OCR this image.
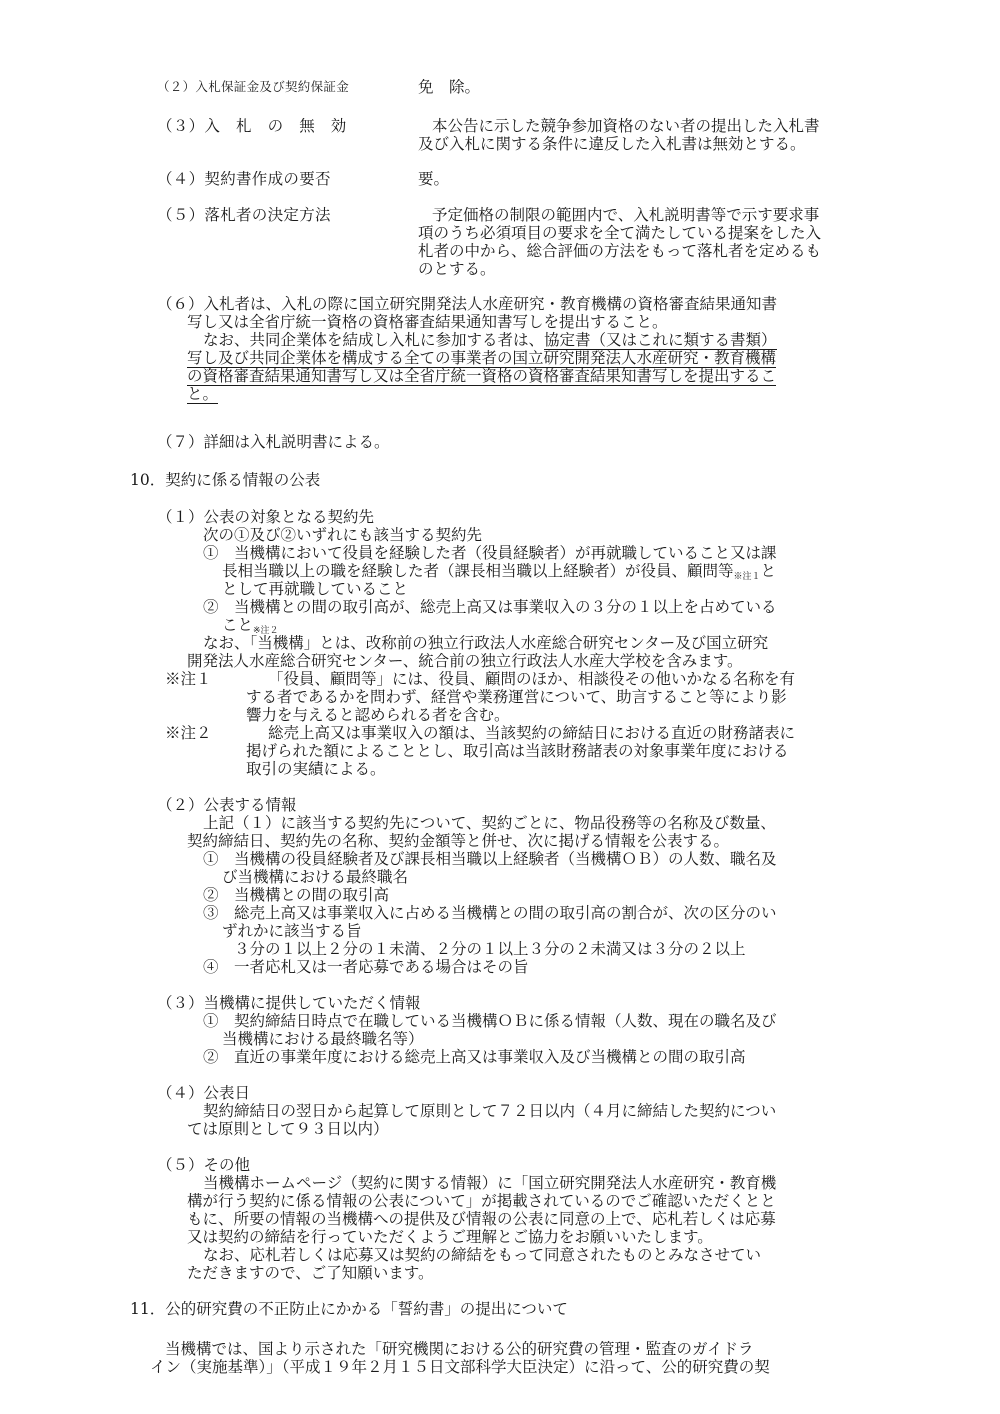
（２）入札保証金及び契約保証金	免　除。
（３）入　札　の　無　効	本公告に示した競争参加資格のない者の提出した入札書
及び入札に関する条件に違反した入札書は無効とする。
（４）契約書作成の要否	要。
（５）落札者の決定方法	予定価格の制限の範囲内で、入札説明書等で示す要求事
項のうち必須項目の要求を全て満たしている提案をした入
札者の中から、総合評価の方法をもって落札者を定めるも
のとする。
（６）入札者は、入札の際に国立研究開発法人水産研究・教育機構の資格審査結果通知書
写し又は全省庁統一資格の資格審査結果通知書写しを提出すること。
なお、共同企業体を結成し入札に参加する者は、協定書（又はこれに類する書類）
写し及び共同企業体を構成する全ての事業者の国立研究開発法人水産研究・教育機構
の資格審査結果通知書写し又は全省庁統一資格の資格審査結果知書写しを提出するこ
と。
（７）詳細は入札説明書による。
10．契約に係る情報の公表
（１）公表の対象となる契約先
次の①及び②いずれにも該当する契約先
①　当機構において役員を経験した者（役員経験者）が再就職していること又は課
長相当職以上の職を経験した者（課長相当職以上経験者）が役員、顧問等※注１と
として再就職していること
②　当機構との間の取引高が、総売上高又は事業収入の３分の１以上を占めている
こと※注２
なお、「当機構」とは、改称前の独立行政法人水産総合研究センター及び国立研究
開発法人水産総合研究センター、統合前の独立行政法人水産大学校を含みます。
※注１	「役員、顧問等」には、役員、顧問のほか、相談役その他いかなる名称を有
する者であるかを問わず、経営や業務運営について、助言すること等により影
響力を与えると認められる者を含む。
※注２	総売上高又は事業収入の額は、当該契約の締結日における直近の財務諸表に
掲げられた額によることとし、取引高は当該財務諸表の対象事業年度における
取引の実績による。
（２）公表する情報
上記（１）に該当する契約先について、契約ごとに、物品役務等の名称及び数量、
契約締結日、契約先の名称、契約金額等と併せ、次に掲げる情報を公表する。
①　当機構の役員経験者及び課長相当職以上経験者（当機構ＯＢ）の人数、職名及
び当機構における最終職名
②　当機構との間の取引高
③　総売上高又は事業収入に占める当機構との間の取引高の割合が、次の区分のい
ずれかに該当する旨
３分の１以上２分の１未満、２分の１以上３分の２未満又は３分の２以上
④　一者応札又は一者応募である場合はその旨
（３）当機構に提供していただく情報
①　契約締結日時点で在職している当機構ＯＢに係る情報（人数、現在の職名及び
当機構における最終職名等）
②　直近の事業年度における総売上高又は事業収入及び当機構との間の取引高
（４）公表日
契約締結日の翌日から起算して原則として７２日以内（４月に締結した契約につい
ては原則として９３日以内）
（５）その他
当機構ホームページ（契約に関する情報）に「国立研究開発法人水産研究・教育機
構が行う契約に係る情報の公表について」が掲載されているのでご確認いただくとと
もに、所要の情報の当機構への提供及び情報の公表に同意の上で、応札若しくは応募
又は契約の締結を行っていただくようご理解とご協力をお願いいたします。
なお、応札若しくは応募又は契約の締結をもって同意されたものとみなさせてい
ただきますので、ご了知願います。
11．公的研究費の不正防止にかかる「誓約書」の提出について
当機構では、国より示された「研究機関における公的研究費の管理・監査のガイドラ
イン（実施基準）」（平成１９年２月１５日文部科学大臣決定）に沿って、公的研究費の契
